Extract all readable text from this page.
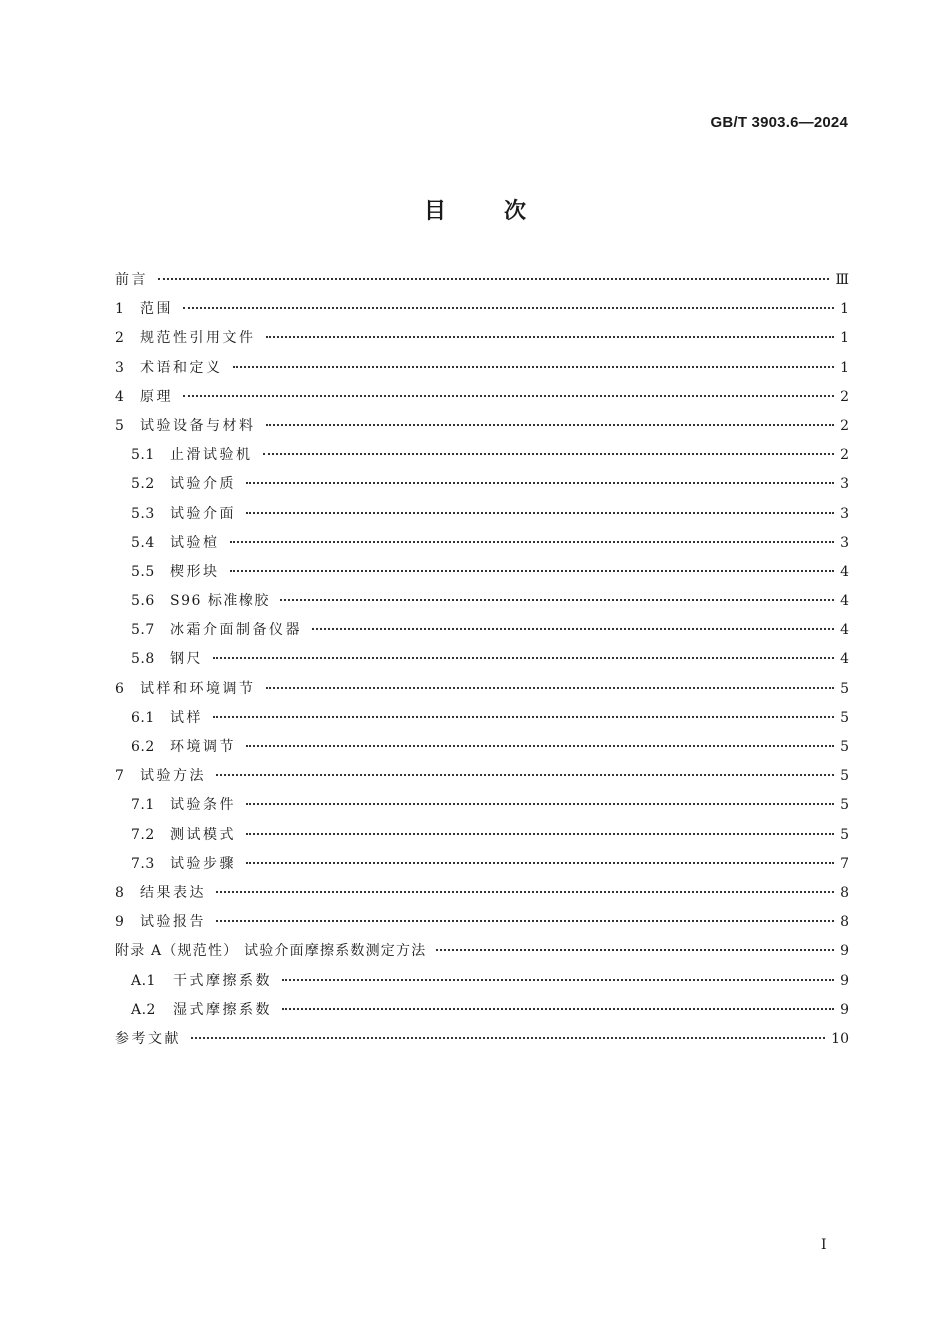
GB/T 3903.6—2024
目	次
前言	Ⅲ
1 范围	1
2 规范性引用文件	1
3 术语和定义	1
4 原理	2
5 试验设备与材料	2
5.1 止滑试验机	2
5.2 试验介质	3
5.3 试验介面	3
5.4 试验楦	3
5.5 楔形块	4
5.6 S96 标准橡胶	4
5.7 冰霜介面制备仪器	4
5.8 钢尺	4
6 试样和环境调节	5
6.1 试样	5
6.2 环境调节	5
7 试验方法	5
7.1 试验条件	5
7.2 测试模式	5
7.3 试验步骤	7
8 结果表达	8
9 试验报告	8
附录 A（规范性） 试验介面摩擦系数测定方法	9
A.1 干式摩擦系数	9
A.2 湿式摩擦系数	9
参考文献	10
I
